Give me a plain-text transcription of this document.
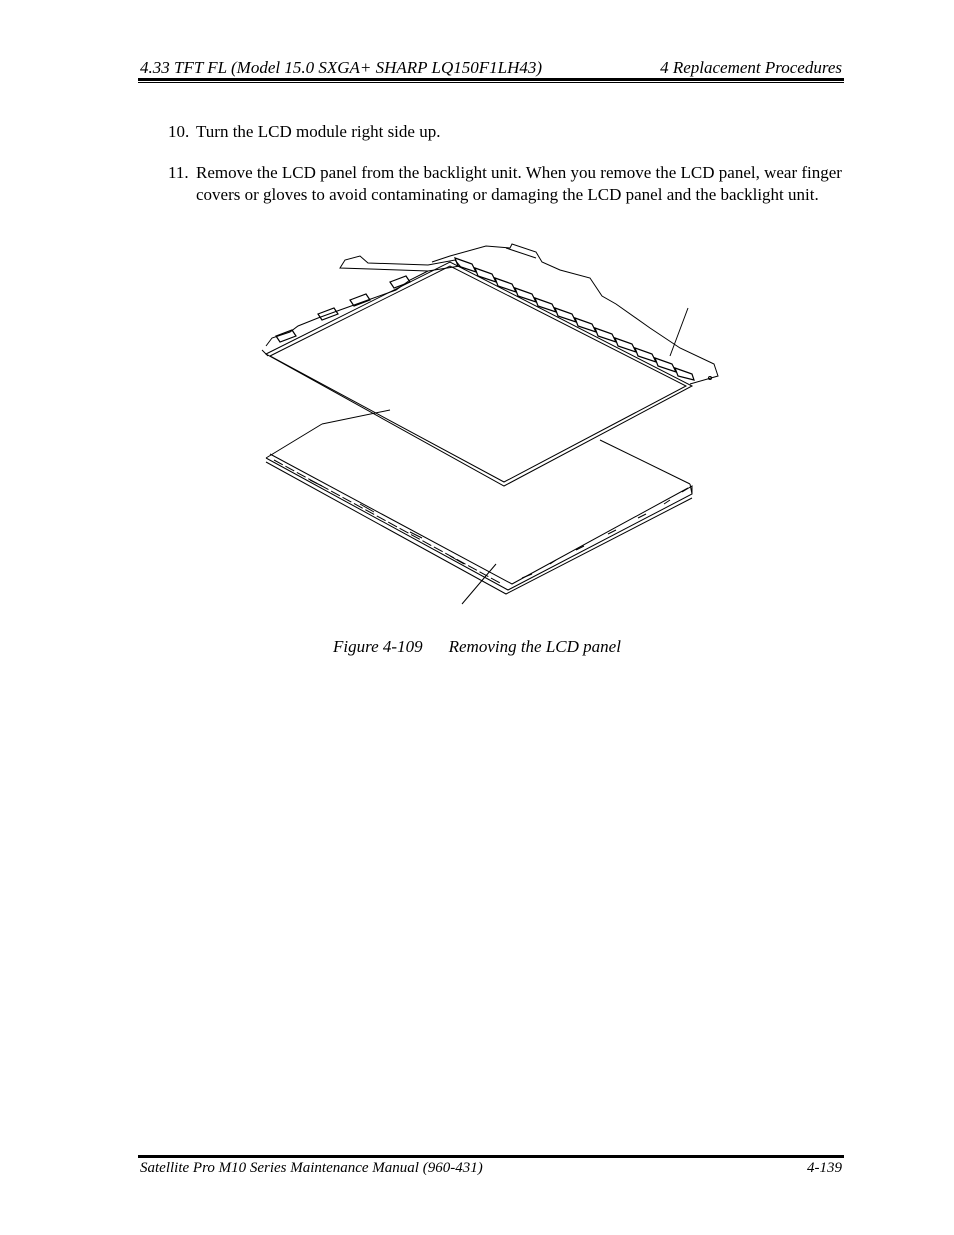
4.33 TFT FL (Model 15.0 SXGA+ SHARP LQ150F1LH43)	4 Replacement Procedures
10. Turn the LCD module right side up.
11. Remove the LCD panel from the backlight unit. When you remove the LCD panel, wear finger covers or gloves to avoid contaminating or damaging the LCD panel and the backlight unit.
Figure 4-109 Removing the LCD panel
Satellite Pro M10 Series Maintenance Manual (960-431)	4-139
